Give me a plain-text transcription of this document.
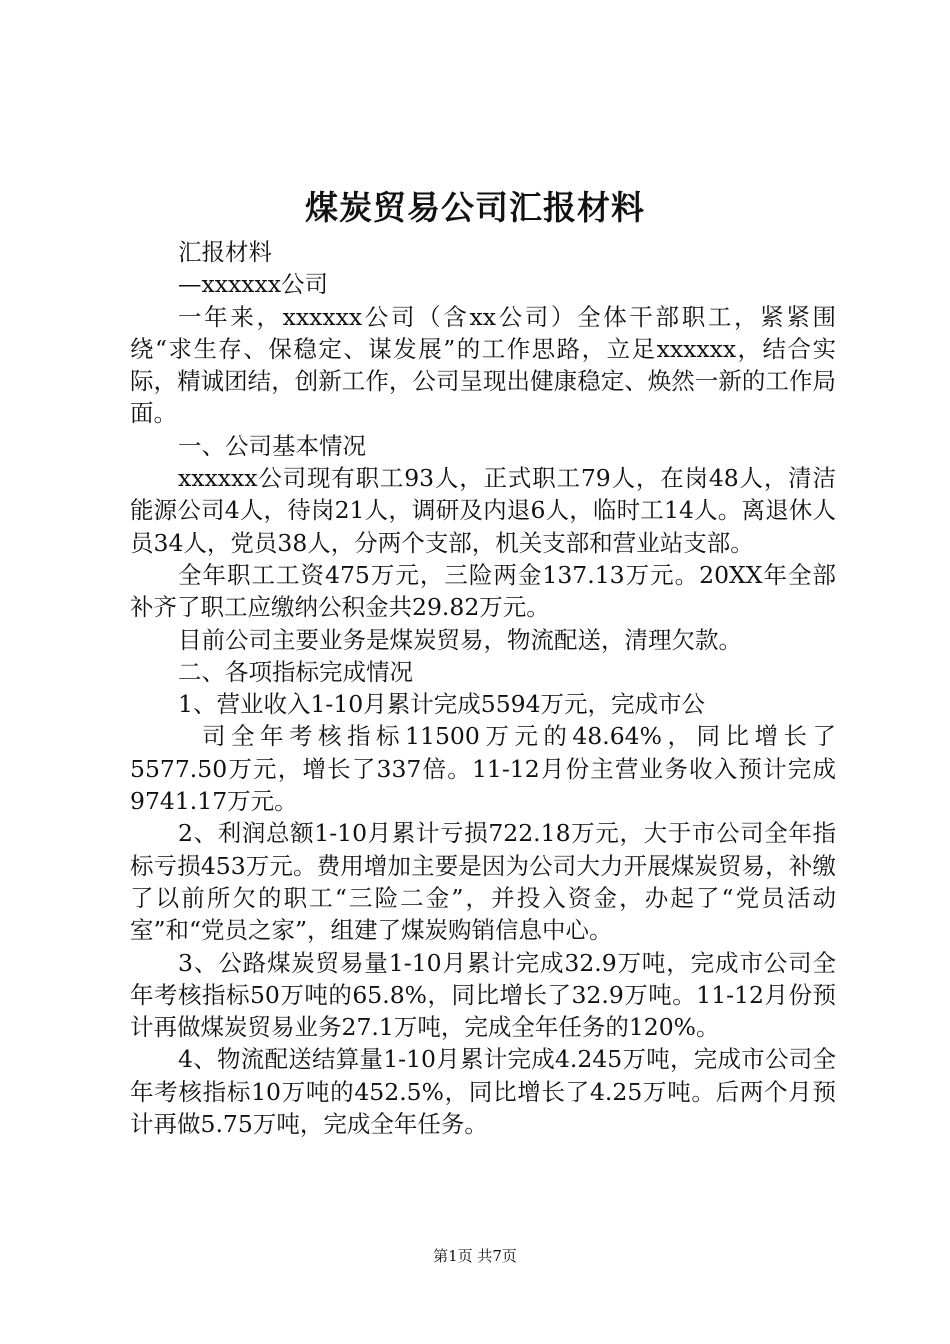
煤炭贸易公司汇报材料

汇报材料

—xxxxxx公司

一年来，xxxxxx公司（含xx公司）全体干部职工，紧紧围绕“求生存、保稳定、谋发展”的工作思路，立足xxxxxx，结合实际，精诚团结，创新工作，公司呈现出健康稳定、焕然一新的工作局面。

一、公司基本情况

xxxxxx公司现有职工93人，正式职工79人，在岗48人，清洁能源公司4人，待岗21人，调研及内退6人，临时工14人。离退休人员34人，党员38人，分两个支部，机关支部和营业站支部。

全年职工工资475万元，三险两金137.13万元。20XX年全部补齐了职工应缴纳公积金共29.82万元。

目前公司主要业务是煤炭贸易，物流配送，清理欠款。

二、各项指标完成情况

1、营业收入1-10月累计完成5594万元，完成市公

司全年考核指标11500万元的48.64%，同比增长了5577.50万元，增长了337倍。11-12月份主营业务收入预计完成9741.17万元。

2、利润总额1-10月累计亏损722.18万元，大于市公司全年指标亏损453万元。费用增加主要是因为公司大力开展煤炭贸易，补缴了以前所欠的职工“三险二金”，并投入资金，办起了“党员活动室”和“党员之家”，组建了煤炭购销信息中心。

3、公路煤炭贸易量1-10月累计完成32.9万吨，完成市公司全年考核指标50万吨的65.8%，同比增长了32.9万吨。11-12月份预计再做煤炭贸易业务27.1万吨，完成全年任务的120%。

4、物流配送结算量1-10月累计完成4.245万吨，完成市公司全年考核指标10万吨的452.5%，同比增长了4.25万吨。后两个月预计再做5.75万吨，完成全年任务。

第1页 共7页
